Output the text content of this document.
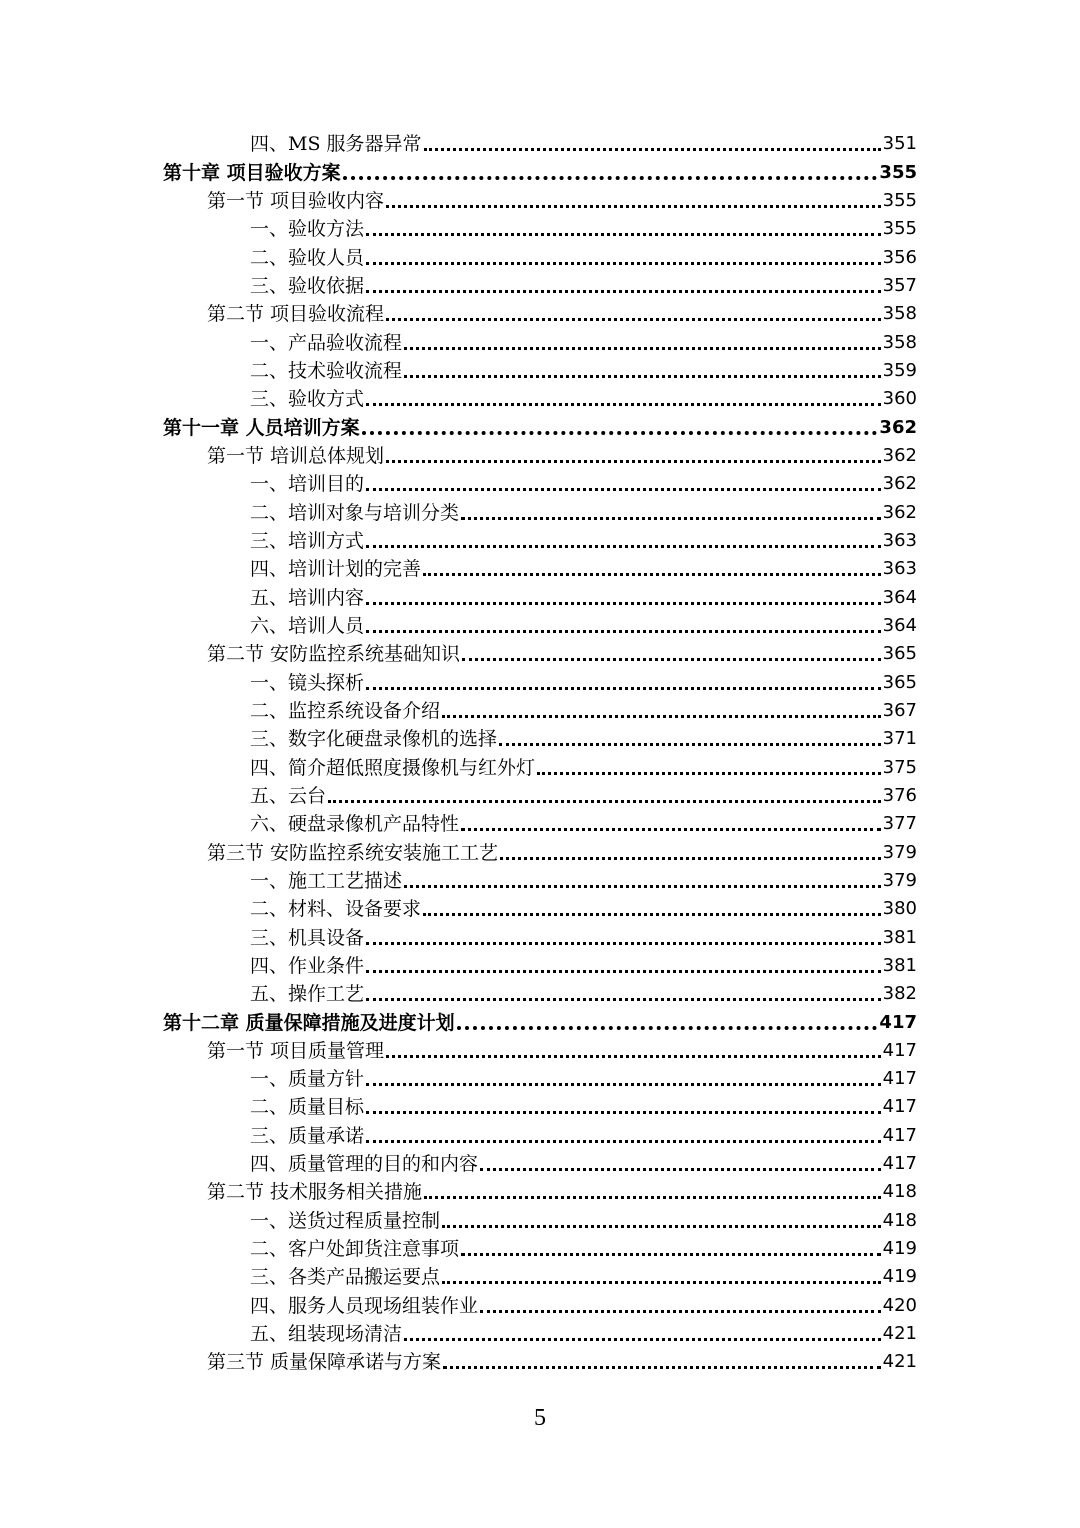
四、MS 服务器异常	351
第十章 项目验收方案	355
第一节 项目验收内容	355
一、验收方法	355
二、验收人员	356
三、验收依据	357
第二节 项目验收流程	358
一、产品验收流程	358
二、技术验收流程	359
三、验收方式	360
第十一章 人员培训方案	362
第一节 培训总体规划	362
一、培训目的	362
二、培训对象与培训分类	362
三、培训方式	363
四、培训计划的完善	363
五、培训内容	364
六、培训人员	364
第二节 安防监控系统基础知识	365
一、镜头探析	365
二、监控系统设备介绍	367
三、数字化硬盘录像机的选择	371
四、简介超低照度摄像机与红外灯	375
五、云台	376
六、硬盘录像机产品特性	377
第三节 安防监控系统安装施工工艺	379
一、施工工艺描述	379
二、材料、设备要求	380
三、机具设备	381
四、作业条件	381
五、操作工艺	382
第十二章 质量保障措施及进度计划	417
第一节 项目质量管理	417
一、质量方针	417
二、质量目标	417
三、质量承诺	417
四、质量管理的目的和内容	417
第二节 技术服务相关措施	418
一、送货过程质量控制	418
二、客户处卸货注意事项	419
三、各类产品搬运要点	419
四、服务人员现场组装作业	420
五、组装现场清洁	421
第三节 质量保障承诺与方案	421
5
